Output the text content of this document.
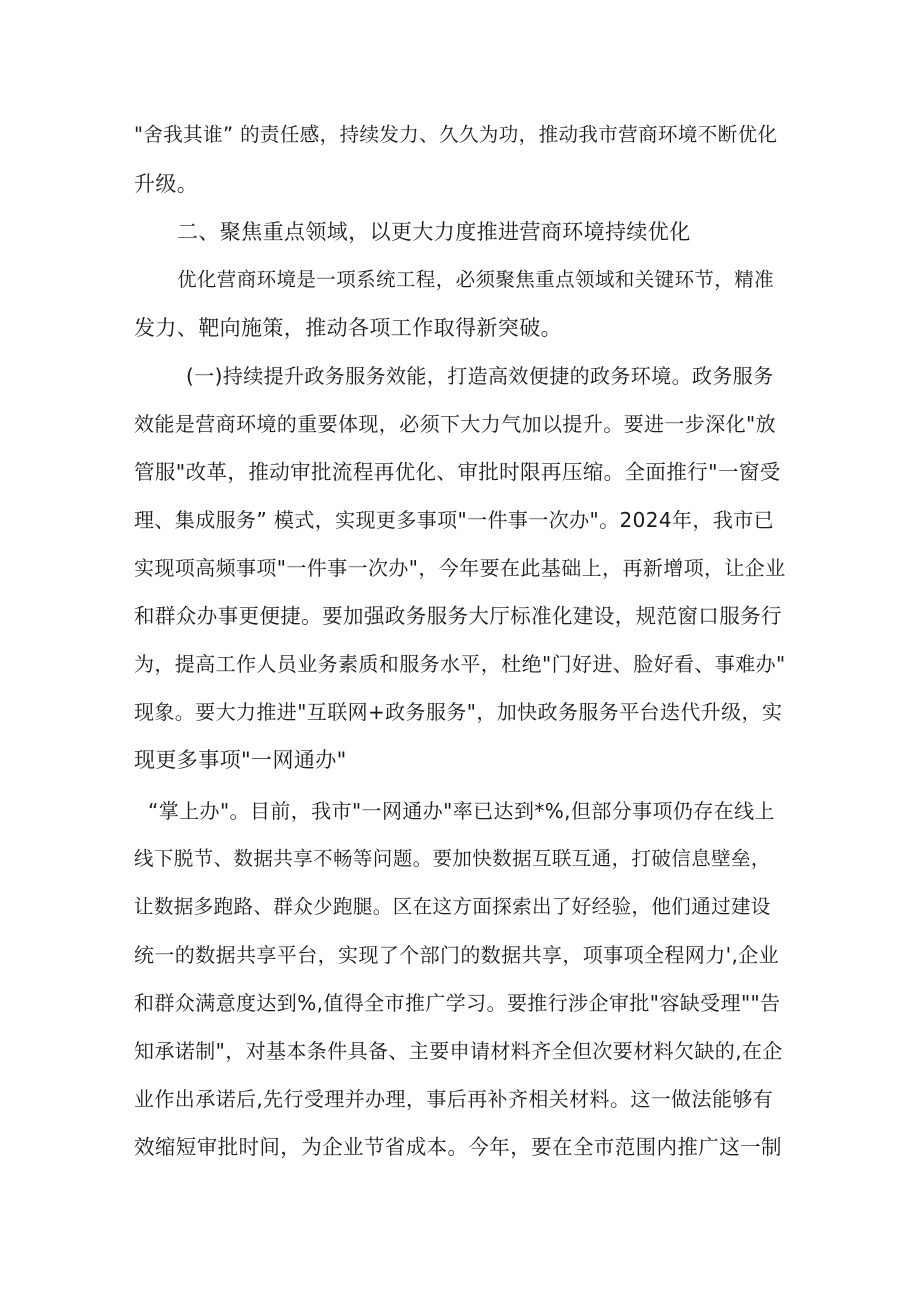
"舍我其谁” 的责任感，持续发力、久久为功，推动我市营商环境不断优化
升级。
二、聚焦重点领域，以更大力度推进营商环境持续优化
优化营商环境是一项系统工程，必须聚焦重点领域和关键环节，精准
发力、靶向施策，推动各项工作取得新突破。
(一)持续提升政务服务效能，打造高效便捷的政务环境。政务服务
效能是营商环境的重要体现，必须下大力气加以提升。要进一步深化"放
管服"改革，推动审批流程再优化、审批时限再压缩。全面推行"一窗受
理、集成服务” 模式，实现更多事项"一件事一次办"。2024年，我市已
实现项高频事项"一件事一次办"，今年要在此基础上，再新增项，让企业
和群众办事更便捷。要加强政务服务大厅标准化建设，规范窗口服务行
为，提高工作人员业务素质和服务水平，杜绝"门好进、脸好看、事难办"
现象。要大力推进"互联网+政务服务"，加快政务服务平台迭代升级，实
现更多事项"一网通办"
“掌上办"。目前，我市"一网通办"率已达到*%,但部分事项仍存在线上
线下脱节、数据共享不畅等问题。要加快数据互联互通，打破信息壁垒，
让数据多跑路、群众少跑腿。区在这方面探索出了好经验，他们通过建设
统一的数据共享平台，实现了个部门的数据共享，项事项全程网力',企业
和群众满意度达到%,值得全市推广学习。要推行涉企审批"容缺受理""告
知承诺制"，对基本条件具备、主要申请材料齐全但次要材料欠缺的,在企
业作出承诺后,先行受理并办理，事后再补齐相关材料。这一做法能够有
效缩短审批时间，为企业节省成本。今年，要在全市范围内推广这一制
